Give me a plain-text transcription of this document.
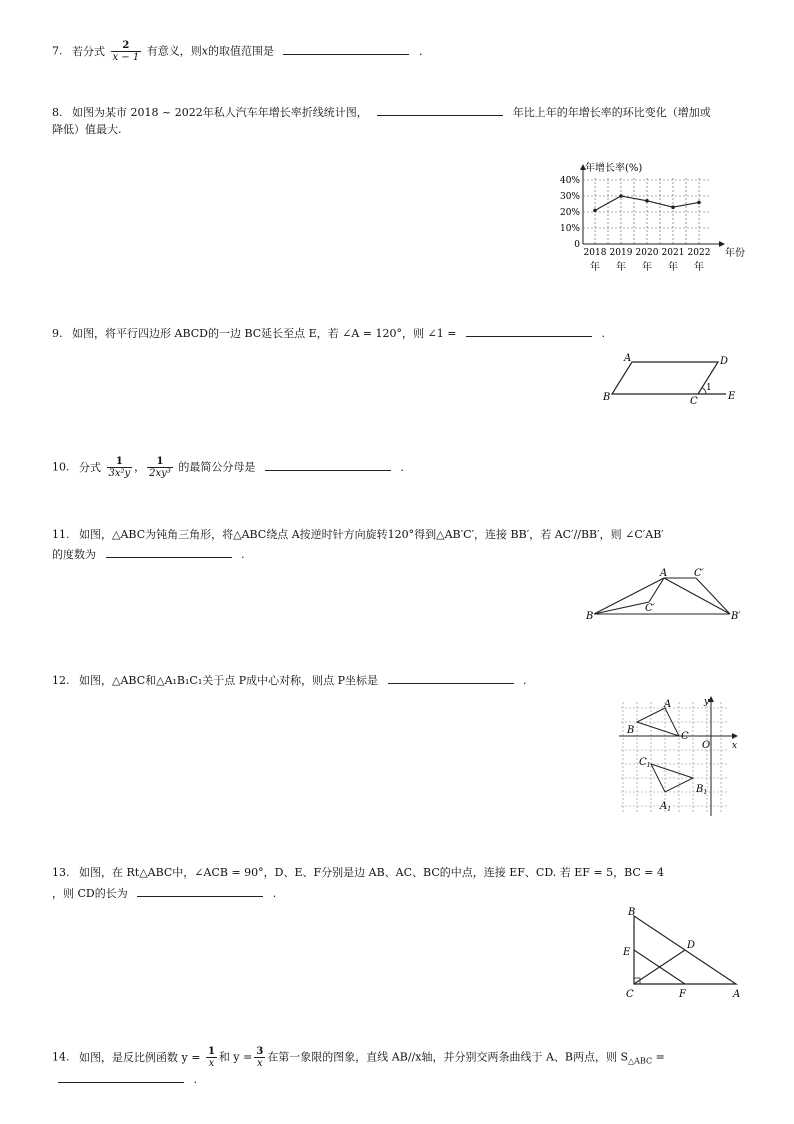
7. 若分式 $\frac{2}{x - 1}$ 有意义，则x的取值范围是	.
8. 如图为某市 2018 ~ 2022年私人汽车年增长率折线统计图，	年比上年的年增长率的环比变化（增加或
降低）值最大.
0
10%
20%
30%
40%
年增长率(%)
年份
2018
年
2019
年
2020
年
2021
年
2022
年
9. 如图，将平行四边形 ABCD的一边 BC延长至点 E，若 ∠A = 120°，则 ∠1 =	.
A	D
B	C	E
1
10. 分式 $\frac{1}{\text{3x²y}}$ ， $\frac{1}{\text{2xy³}}$ 的最简公分母是	.
11. 如图，△ABC为钝角三角形，将△ABC绕点 A按逆时针方向旋转120°得到△AB′C′，连接 BB′，若 AC′//BB′，则 ∠C′AB′
的度数为	.
A	C′
C′
B	B′
12. 如图，△ABC和△A₁B₁C₁关于点 P成中心对称，则点 P坐标是	.
y
x
O
A
B
C
$C_1$
$B_1$
$A_1$
13. 如图，在 Rt△ABC中，∠ACB = 90°，D、E、F分别是边 AB、AC、BC的中点，连接 EF、CD. 若 EF = 5，BC = 4
，则 CD的长为	.
B
E
D
C	F	A
14. 如图，是反比例函数 $y = \frac{1}{x}$ 和 $y = \frac{3}{x}$ 在第一象限的图象，直线 AB//x轴，并分别交两条曲线于 A、B两点，则 $S_{\triangle ABC}$ =
.
